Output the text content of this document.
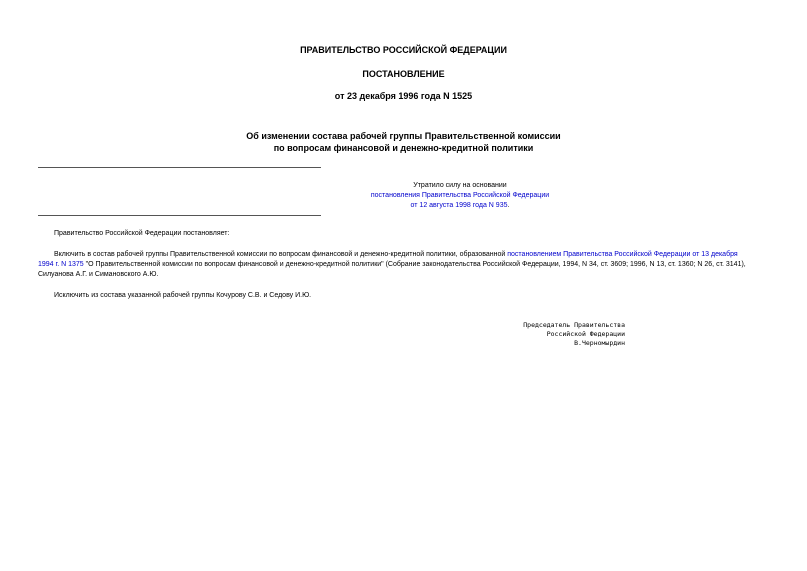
ПРАВИТЕЛЬСТВО РОССИЙСКОЙ ФЕДЕРАЦИИ
ПОСТАНОВЛЕНИЕ
от 23 декабря 1996 года N 1525
Об изменении состава рабочей группы Правительственной комиссии
по вопросам финансовой и денежно-кредитной политики
Утратило силу на основании
постановления Правительства Российской Федерации
от 12 августа 1998 года N 935.
Правительство Российской Федерации постановляет:
Включить в состав рабочей группы Правительственной комиссии по вопросам финансовой и денежно-кредитной политики, образованной постановлением Правительства Российской Федерации от 13 декабря
1994 г. N 1375 "О Правительственной комиссии по вопросам финансовой и денежно-кредитной политики" (Собрание законодательства Российской Федерации, 1994, N 34, ст. 3609; 1996, N 13, ст. 1360; N 26, ст. 3141),
Силуанова А.Г. и Симановского А.Ю.
Исключить из состава указанной рабочей группы Кочурову С.В. и Седову И.Ю.
Председатель Правительства
Российской Федерации
В.Черномырдин
